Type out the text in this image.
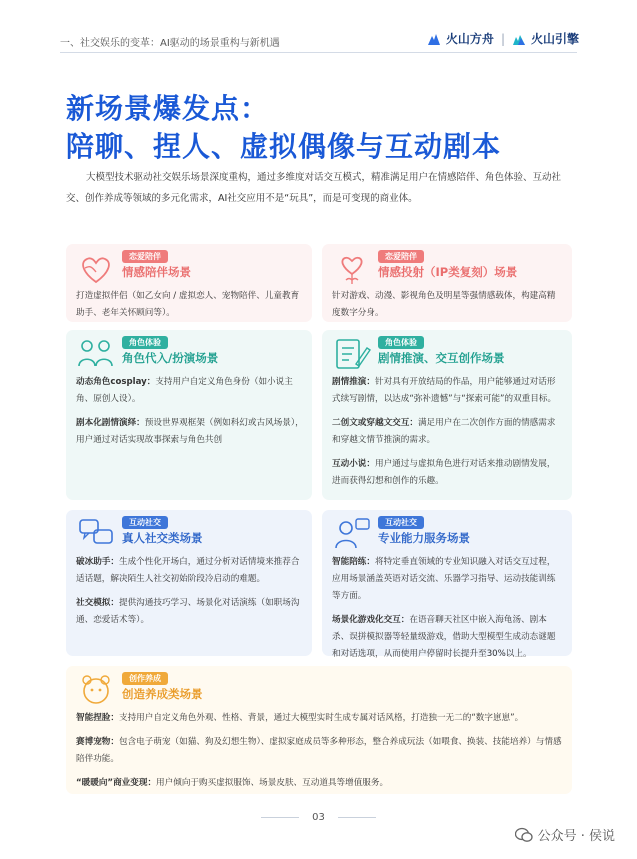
一、社交娱乐的变革：AI驱动的场景重构与新机遇	火山方舟 | 火山引擎
新场景爆发点：
陪聊、捏人、虚拟偶像与互动剧本
大模型技术驱动社交娱乐场景深度重构，通过多维度对话交互模式，精准满足用户在情感陪伴、角色体验、互动社交、创作养成等领域的多元化需求，AI社交应用不是“玩具”，而是可变现的商业体。
恋爱陪伴
情感陪伴场景
打造虚拟伴侣（如乙女向 / 虚拟恋人、宠物陪伴、儿童教育助手、老年关怀顾问等）。
恋爱陪伴
情感投射（IP类复刻）场景
针对游戏、动漫、影视角色及明星等强情感载体，构建高精度数字分身。
角色体验
角色代入/扮演场景

动态角色cosplay：支持用户自定义角色身份（如小说主角、原创人设）。

剧本化剧情演绎：预设世界观框架（例如科幻或古风场景），用户通过对话实现故事探索与角色共创

角色体验
剧情推演、交互创作场景

剧情推演：针对具有开放结局的作品，用户能够通过对话形式续写剧情，以达成“弥补遗憾”与“探索可能”的双重目标。

二创文或穿越文交互：满足用户在二次创作方面的情感需求和穿越文情节推演的需求。

互动小说：用户通过与虚拟角色进行对话来推动剧情发展，进而获得幻想和创作的乐趣。

互动社交
真人社交类场景

破冰助手：生成个性化开场白，通过分析对话情境来推荐合适话题，解决陌生人社交初始阶段冷启动的难题。

社交模拟：提供沟通技巧学习、场景化对话演练（如职场沟通、恋爱话术等）。

互动社交
专业能力服务场景

智能陪练：将特定垂直领域的专业知识融入对话交互过程，应用场景涵盖英语对话交流、乐器学习指导、运动技能训练等方面。

场景化游戏化交互：在语音聊天社区中嵌入海龟汤、剧本杀、误拼模拟器等轻量级游戏，借助大型模型生成动态谜题和对话选项，从而使用户停留时长提升至30%以上。

创作养成
创造养成类场景

智能捏脸：支持用户自定义角色外观、性格、背景，通过大模型实时生成专属对话风格，打造独一无二的“数字崽崽”。

赛博宠物：包含电子萌宠（如猫、狗及幻想生物）、虚拟家庭成员等多种形态，整合养成玩法（如喂食、换装、技能培养）与情感陪伴功能。

“暖暖向”商业变现：用户倾向于购买虚拟服饰、场景皮肤、互动道具等增值服务。

03
公众号 · 侯说
